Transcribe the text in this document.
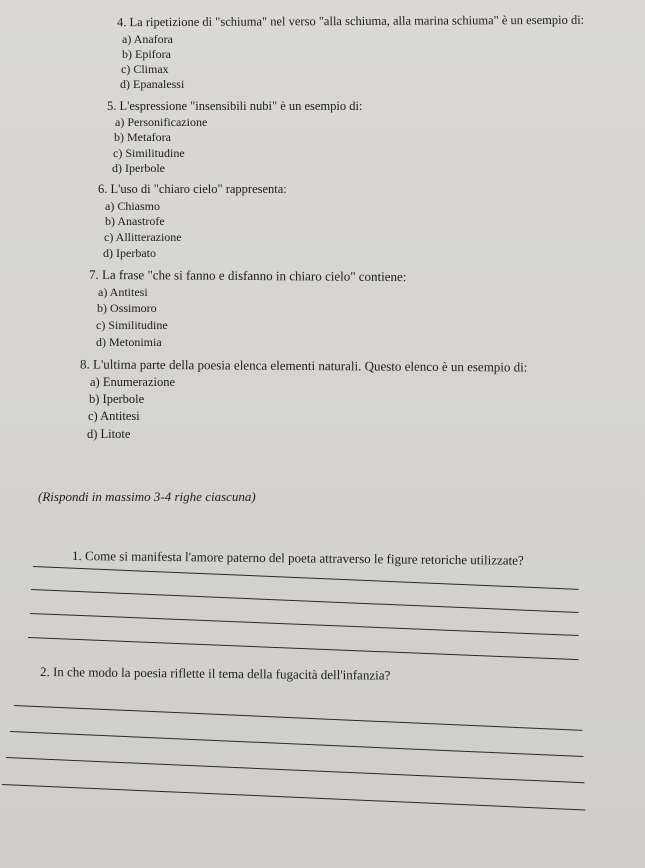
4. La ripetizione di "schiuma" nel verso "alla schiuma, alla marina schiuma" è un esempio di:
a) Anafora
b) Epifora
c) Climax
d) Epanalessi
5. L'espressione "insensibili nubi" è un esempio di:
a) Personificazione
b) Metafora
c) Similitudine
d) Iperbole
6. L'uso di "chiaro cielo" rappresenta:
a) Chiasmo
b) Anastrofe
c) Allitterazione
d) Iperbato
7. La frase "che si fanno e disfanno in chiaro cielo" contiene:
a) Antitesi
b) Ossimoro
c) Similitudine
d) Metonimia
8. L'ultima parte della poesia elenca elementi naturali. Questo elenco è un esempio di:
a) Enumerazione
b) Iperbole
c) Antitesi
d) Litote
(Rispondi in massimo 3-4 righe ciascuna)
1. Come si manifesta l'amore paterno del poeta attraverso le figure retoriche utilizzate?
2. In che modo la poesia riflette il tema della fugacità dell'infanzia?
